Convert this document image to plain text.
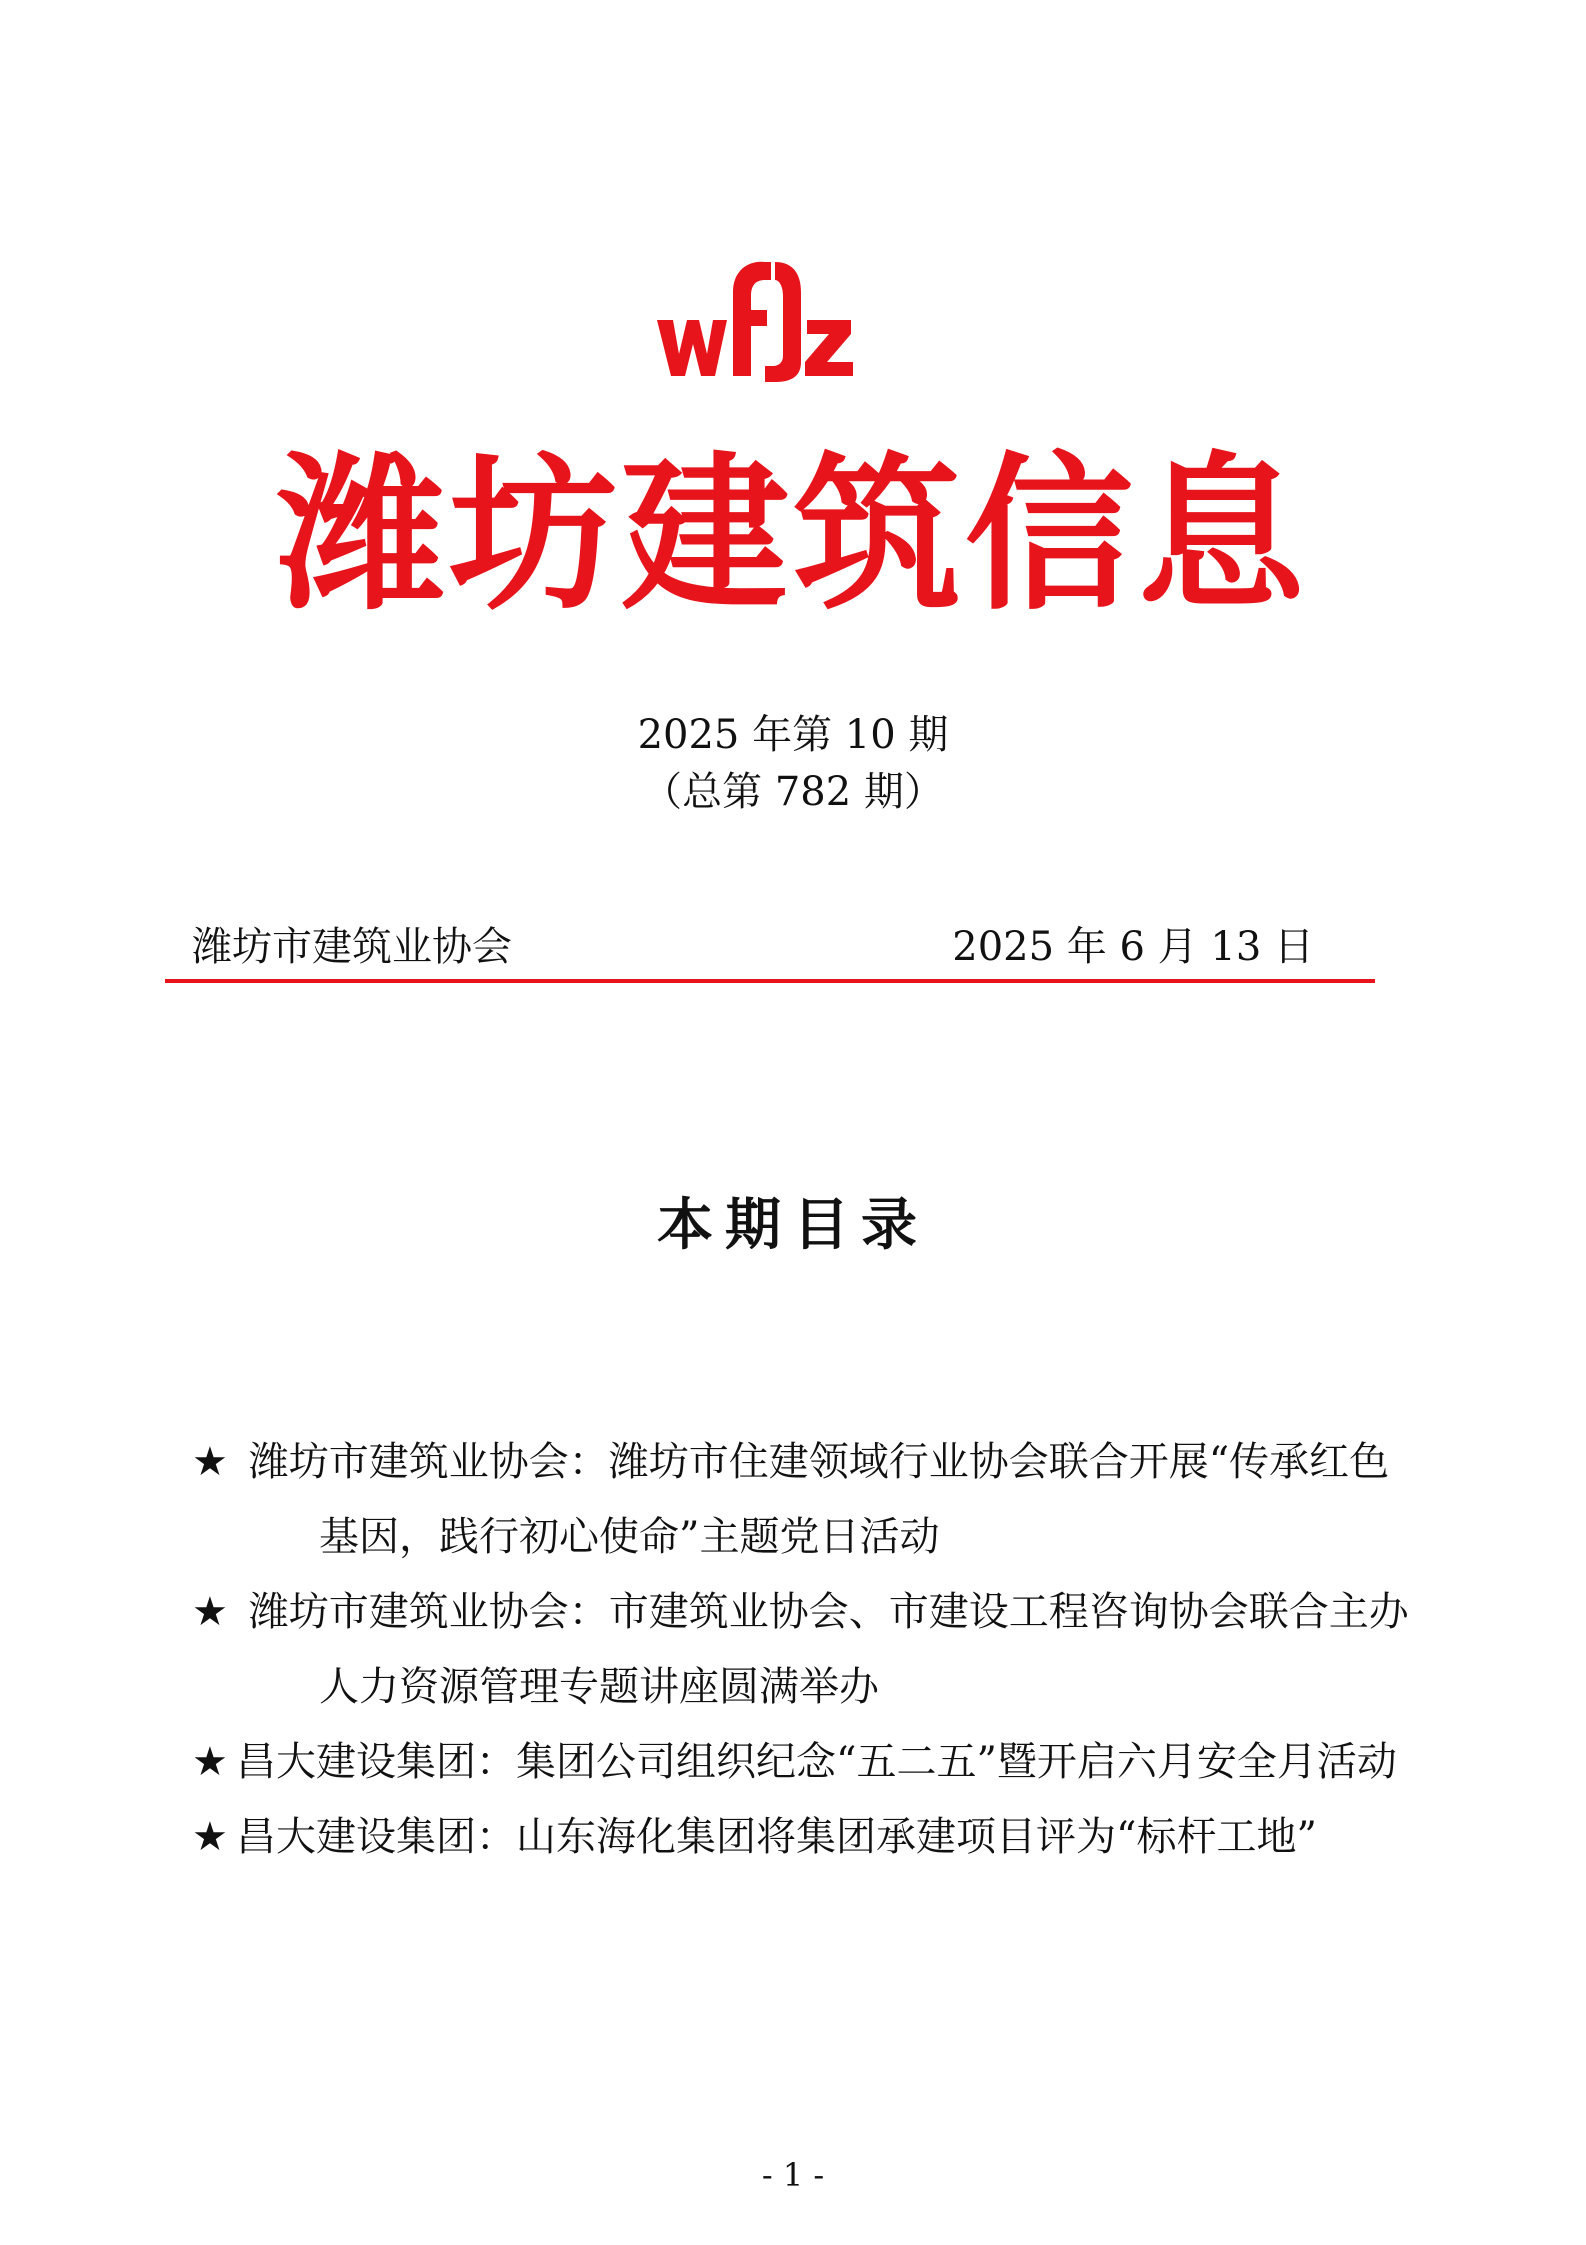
潍坊建筑信息
2025 年第 10 期
（总第 782 期）
潍坊市建筑业协会	2025 年 6 月 13 日
本期目录
★ 潍坊市建筑业协会：潍坊市住建领域行业协会联合开展“传承红色基因，践行初心使命”主题党日活动
★ 潍坊市建筑业协会：市建筑业协会、市建设工程咨询协会联合主办人力资源管理专题讲座圆满举办
★ 昌大建设集团：集团公司组织纪念“五二五”暨开启六月安全月活动
★ 昌大建设集团：山东海化集团将集团承建项目评为“标杆工地”
- 1 -
